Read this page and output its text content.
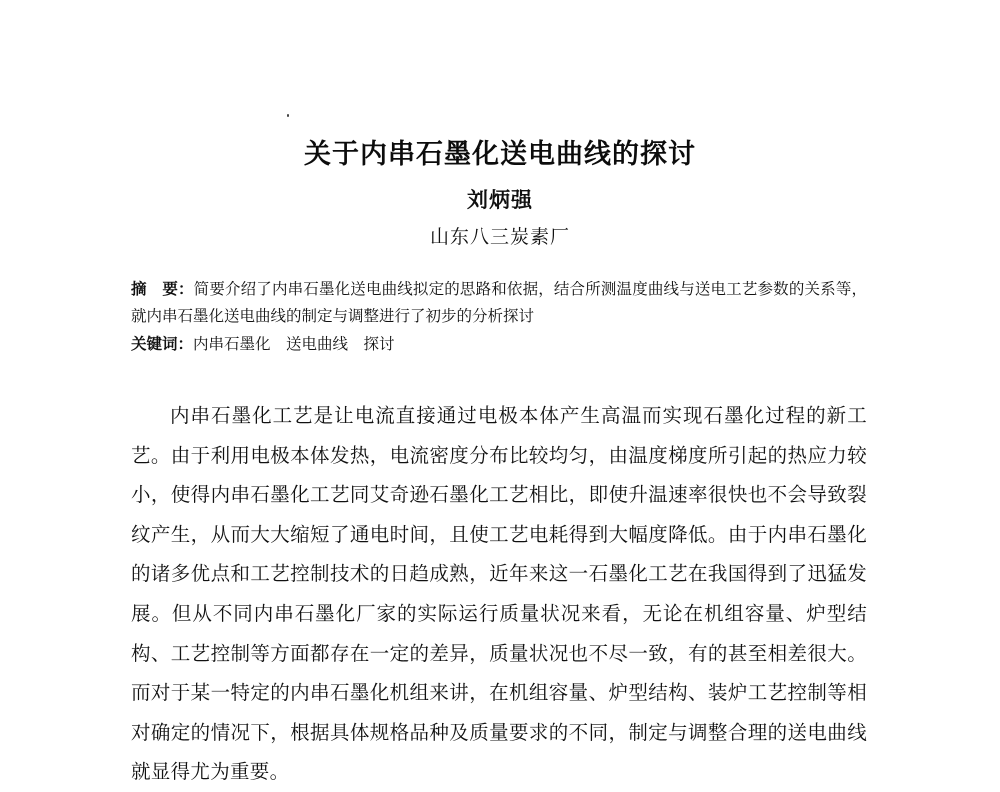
关于内串石墨化送电曲线的探讨
刘炳强
山东八三炭素厂
摘　要：简要介绍了内串石墨化送电曲线拟定的思路和依据，结合所测温度曲线与送电工艺参数的关系等，就内串石墨化送电曲线的制定与调整进行了初步的分析探讨
关键词：内串石墨化　送电曲线　探讨
内串石墨化工艺是让电流直接通过电极本体产生高温而实现石墨化过程的新工艺。由于利用电极本体发热，电流密度分布比较均匀，由温度梯度所引起的热应力较小，使得内串石墨化工艺同艾奇逊石墨化工艺相比，即使升温速率很快也不会导致裂纹产生，从而大大缩短了通电时间，且使工艺电耗得到大幅度降低。由于内串石墨化的诸多优点和工艺控制技术的日趋成熟，近年来这一石墨化工艺在我国得到了迅猛发展。但从不同内串石墨化厂家的实际运行质量状况来看，无论在机组容量、炉型结构、工艺控制等方面都存在一定的差异，质量状况也不尽一致，有的甚至相差很大。而对于某一特定的内串石墨化机组来讲，在机组容量、炉型结构、装炉工艺控制等相对确定的情况下，根据具体规格品种及质量要求的不同，制定与调整合理的送电曲线就显得尤为重要。
